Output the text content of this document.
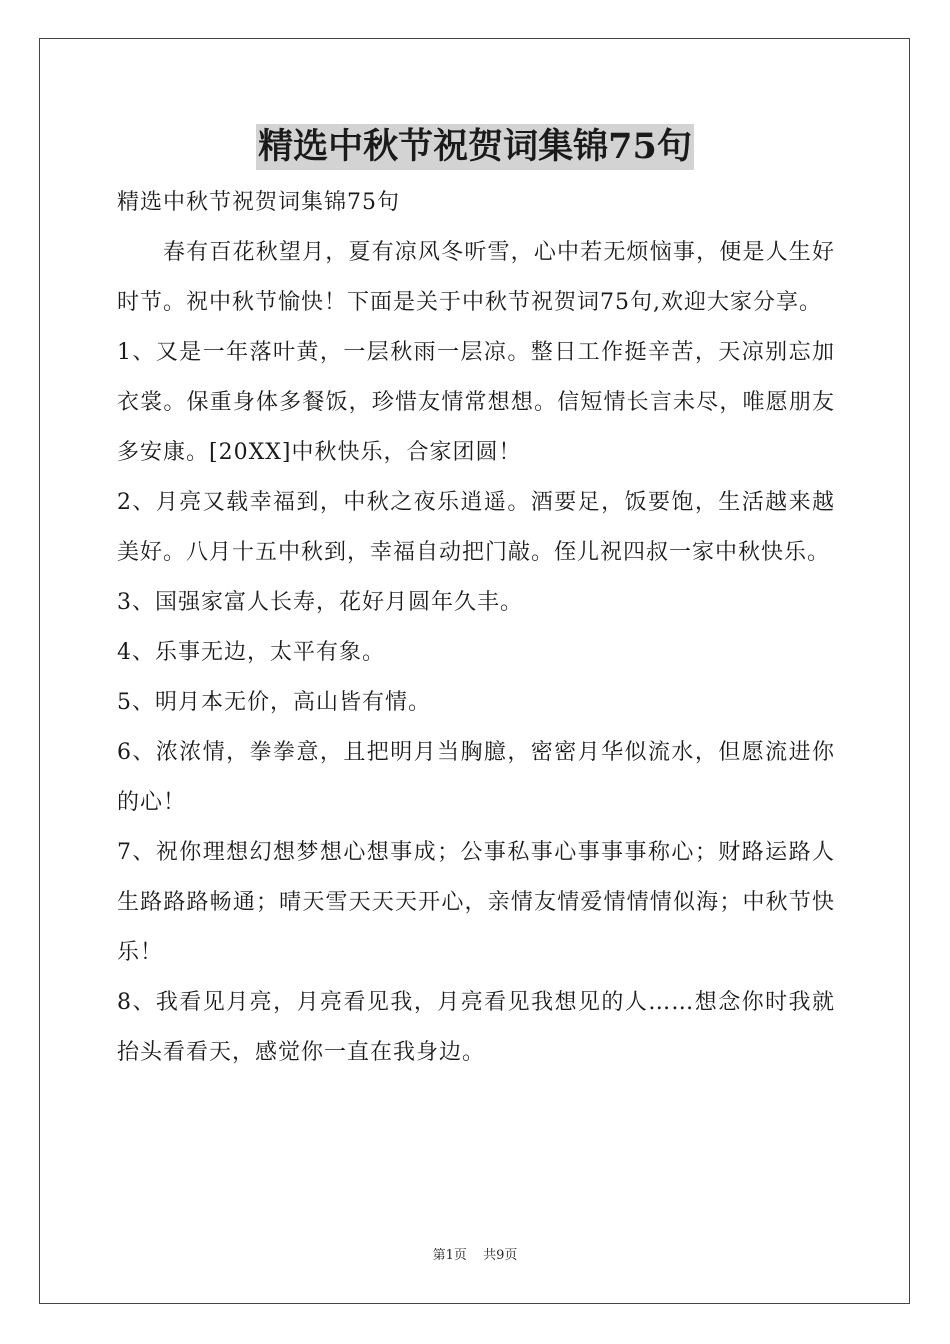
精选中秋节祝贺词集锦75句

精选中秋节祝贺词集锦75句

春有百花秋望月，夏有凉风冬听雪，心中若无烦恼事，便是人生好时节。祝中秋节愉快！下面是关于中秋节祝贺词75句,欢迎大家分享。

1、又是一年落叶黄，一层秋雨一层凉。整日工作挺辛苦，天凉别忘加衣裳。保重身体多餐饭，珍惜友情常想想。信短情长言未尽，唯愿朋友多安康。[20XX]中秋快乐，合家团圆！

2、月亮又载幸福到，中秋之夜乐逍遥。酒要足，饭要饱，生活越来越美好。八月十五中秋到，幸福自动把门敲。侄儿祝四叔一家中秋快乐。

3、国强家富人长寿，花好月圆年久丰。

4、乐事无边，太平有象。

5、明月本无价，高山皆有情。

6、浓浓情，拳拳意，且把明月当胸臆，密密月华似流水，但愿流进你的心！

7、祝你理想幻想梦想心想事成；公事私事心事事事称心；财路运路人生路路路畅通；晴天雪天天天开心，亲情友情爱情情情似海；中秋节快乐！

8、我看见月亮，月亮看见我，月亮看见我想见的人……想念你时我就抬头看看天，感觉你一直在我身边。

第1页 共9页
